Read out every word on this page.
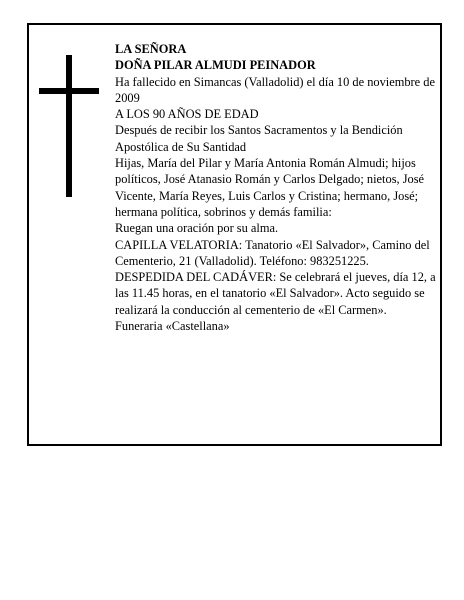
LA SEÑORA

DOÑA PILAR ALMUDI PEINADOR

Ha fallecido en Simancas (Valladolid) el día 10 de noviembre de 2009

A LOS 90 AÑOS DE EDAD

Después de recibir los Santos Sacramentos y la Bendición Apostólica de Su Santidad

Hijas, María del Pilar y María Antonia Román Almudi; hijos políticos, José Atanasio Román y Carlos Delgado; nietos, José Vicente, María Reyes, Luis Carlos y Cristina; hermano, José; hermana política, sobrinos y demás familia:

Ruegan una oración por su alma.

CAPILLA VELATORIA: Tanatorio «El Salvador», Camino del Cementerio, 21 (Valladolid). Teléfono: 983251225.

DESPEDIDA DEL CADÁVER: Se celebrará el jueves, día 12, a las 11.45 horas, en el tanatorio «El Salvador». Acto seguido se realizará la conducción al cementerio de «El Carmen».

Funeraria «Castellana»
